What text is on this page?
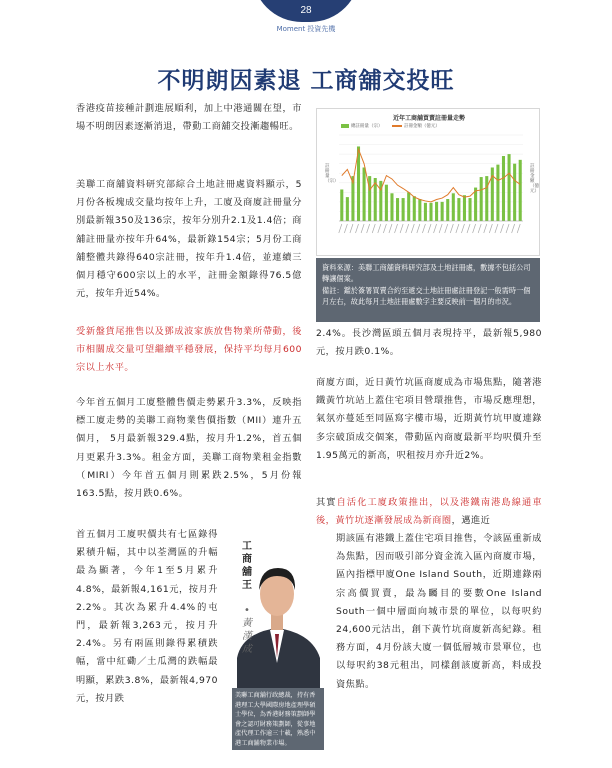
28
Moment 投資先機
不明朗因素退 工商舖交投旺
香港疫苗接種計劃進展順利，加上中港通關在望，市場不明朗因素逐漸消退，帶動工商舖交投漸趨暢旺。
美聯工商舖資料研究部綜合土地註冊處資料顯示，5月份各板塊成交量均按年上升，工廈及商廈註冊量分別最新報350及136宗，按年分別升2.1及1.4倍；商舖註冊量亦按年升64%，最新錄154宗；5月份工商舖整體共錄得640宗註冊，按年升1.4倍，並連續三個月穩守600宗以上的水平，註冊金額錄得76.5億元，按年升近54%。
受新盤貨尾推售以及鄧成波家族放售物業所帶動，後市相關成交量可望繼續平穩發展，保持平均每月600宗以上水平。
今年首五個月工廈整體售價走勢累升3.3%，反映指標工廈走勢的美聯工商物業售價指數（MII）連升五個月， 5月最新報329.4點，按月升1.2%，首五個月更累升3.3%。租金方面，美聯工商物業租金指數（MIRI）今年首五個月則累跌2.5%，5月份報163.5點，按月跌0.6%。
首五個月工廈呎價共有七區錄得累積升幅，其中以荃灣區的升幅最為顯著，今年1至5月累升4.8%，最新報4,161元，按月升2.2%。其次為累升4.4%的屯門，最新報3,263元，按月升2.4%。另有兩區則錄得累積跌幅，當中紅磡／土瓜灣的跌幅最明顯，累跌3.8%，最新報4,970元，按月跌
近年工商舖買賣註冊量走勢
總註冊量（宗）	註冊金額（億元）
註冊量（宗）
註冊金額（億元）
資料來源：美聯工商舖資料研究部及土地註冊處，數據不包括公司轉讓個案。
備註：鑑於簽署買賣合約至遞交土地註冊處註冊登記一般需時一個月左右，故此每月土地註冊處數字主要反映前一個月的市況。
2.4%。長沙灣區頭五個月表現持平，最新報5,980元，按月跌0.1%。
商廈方面，近日黃竹坑區商廈成為市場焦點，隨著港鐵黃竹坑站上蓋住宅項目營環推售，市場反應理想，氣氛亦蔓延至同區寫字樓市場，近期黃竹坑甲廈連錄多宗破頂成交個案，帶動區內商廈最新平均呎價升至1.95萬元的新高，呎租按月亦升近2%。
其實自活化工廈政策推出，以及港鐵南港島線通車後，黃竹坑逐漸發展成為新商圈，邁進近
期該區有港鐵上蓋住宅項目推售，令該區重新成為焦點，因而吸引部分資金流入區內商廈市場，區內指標甲廈One Island South，近期連錄兩宗高價買賣，最為矚目的要數One Island South一個中層面向城市景的單位，以每呎約24,600元沽出，創下黃竹坑商廈新高紀錄。租務方面，4月份該大廈一個低層城市景單位，也以每呎約38元租出，同樣創該廈新高，料成投資焦點。
工商舖王
• 黃漢成
美聯工商舖行政總裁，持有香港理工大學國際房地產理學碩士學位，為香港財務策劃師學會之認可財務策劃師，從事地產代理工作逾三十載，熟悉中港工商舖物業市場。
